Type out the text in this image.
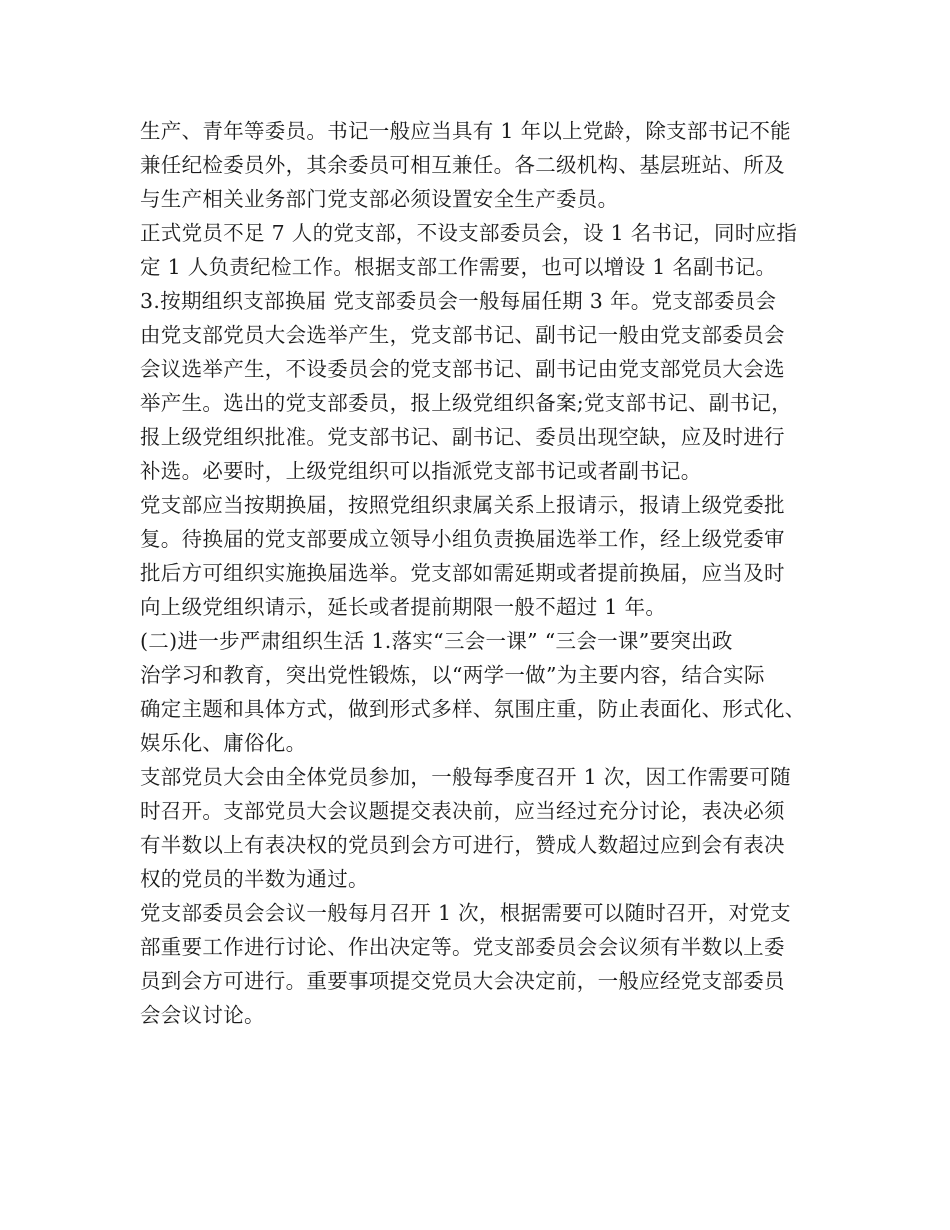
生产、青年等委员。书记一般应当具有 1 年以上党龄，除支部书记不能
兼任纪检委员外，其余委员可相互兼任。各二级机构、基层班站、所及
与生产相关业务部门党支部必须设置安全生产委员。

正式党员不足 7 人的党支部，不设支部委员会，设 1 名书记，同时应指
定 1 人负责纪检工作。根据支部工作需要，也可以增设 1 名副书记。

3.按期组织支部换届 党支部委员会一般每届任期 3 年。党支部委员会
由党支部党员大会选举产生，党支部书记、副书记一般由党支部委员会
会议选举产生，不设委员会的党支部书记、副书记由党支部党员大会选
举产生。选出的党支部委员，报上级党组织备案;党支部书记、副书记，
报上级党组织批准。党支部书记、副书记、委员出现空缺，应及时进行
补选。必要时，上级党组织可以指派党支部书记或者副书记。

党支部应当按期换届，按照党组织隶属关系上报请示，报请上级党委批
复。待换届的党支部要成立领导小组负责换届选举工作，经上级党委审
批后方可组织实施换届选举。党支部如需延期或者提前换届，应当及时
向上级党组织请示，延长或者提前期限一般不超过 1 年。

(二)进一步严肃组织生活 1.落实“三会一课” “三会一课”要突出政
治学习和教育，突出党性锻炼，以“两学一做”为主要内容，结合实际
确定主题和具体方式，做到形式多样、氛围庄重，防止表面化、形式化、
娱乐化、庸俗化。

支部党员大会由全体党员参加，一般每季度召开 1 次，因工作需要可随
时召开。支部党员大会议题提交表决前，应当经过充分讨论，表决必须
有半数以上有表决权的党员到会方可进行，赞成人数超过应到会有表决
权的党员的半数为通过。

党支部委员会会议一般每月召开 1 次，根据需要可以随时召开，对党支
部重要工作进行讨论、作出决定等。党支部委员会会议须有半数以上委
员到会方可进行。重要事项提交党员大会决定前，一般应经党支部委员
会会议讨论。
